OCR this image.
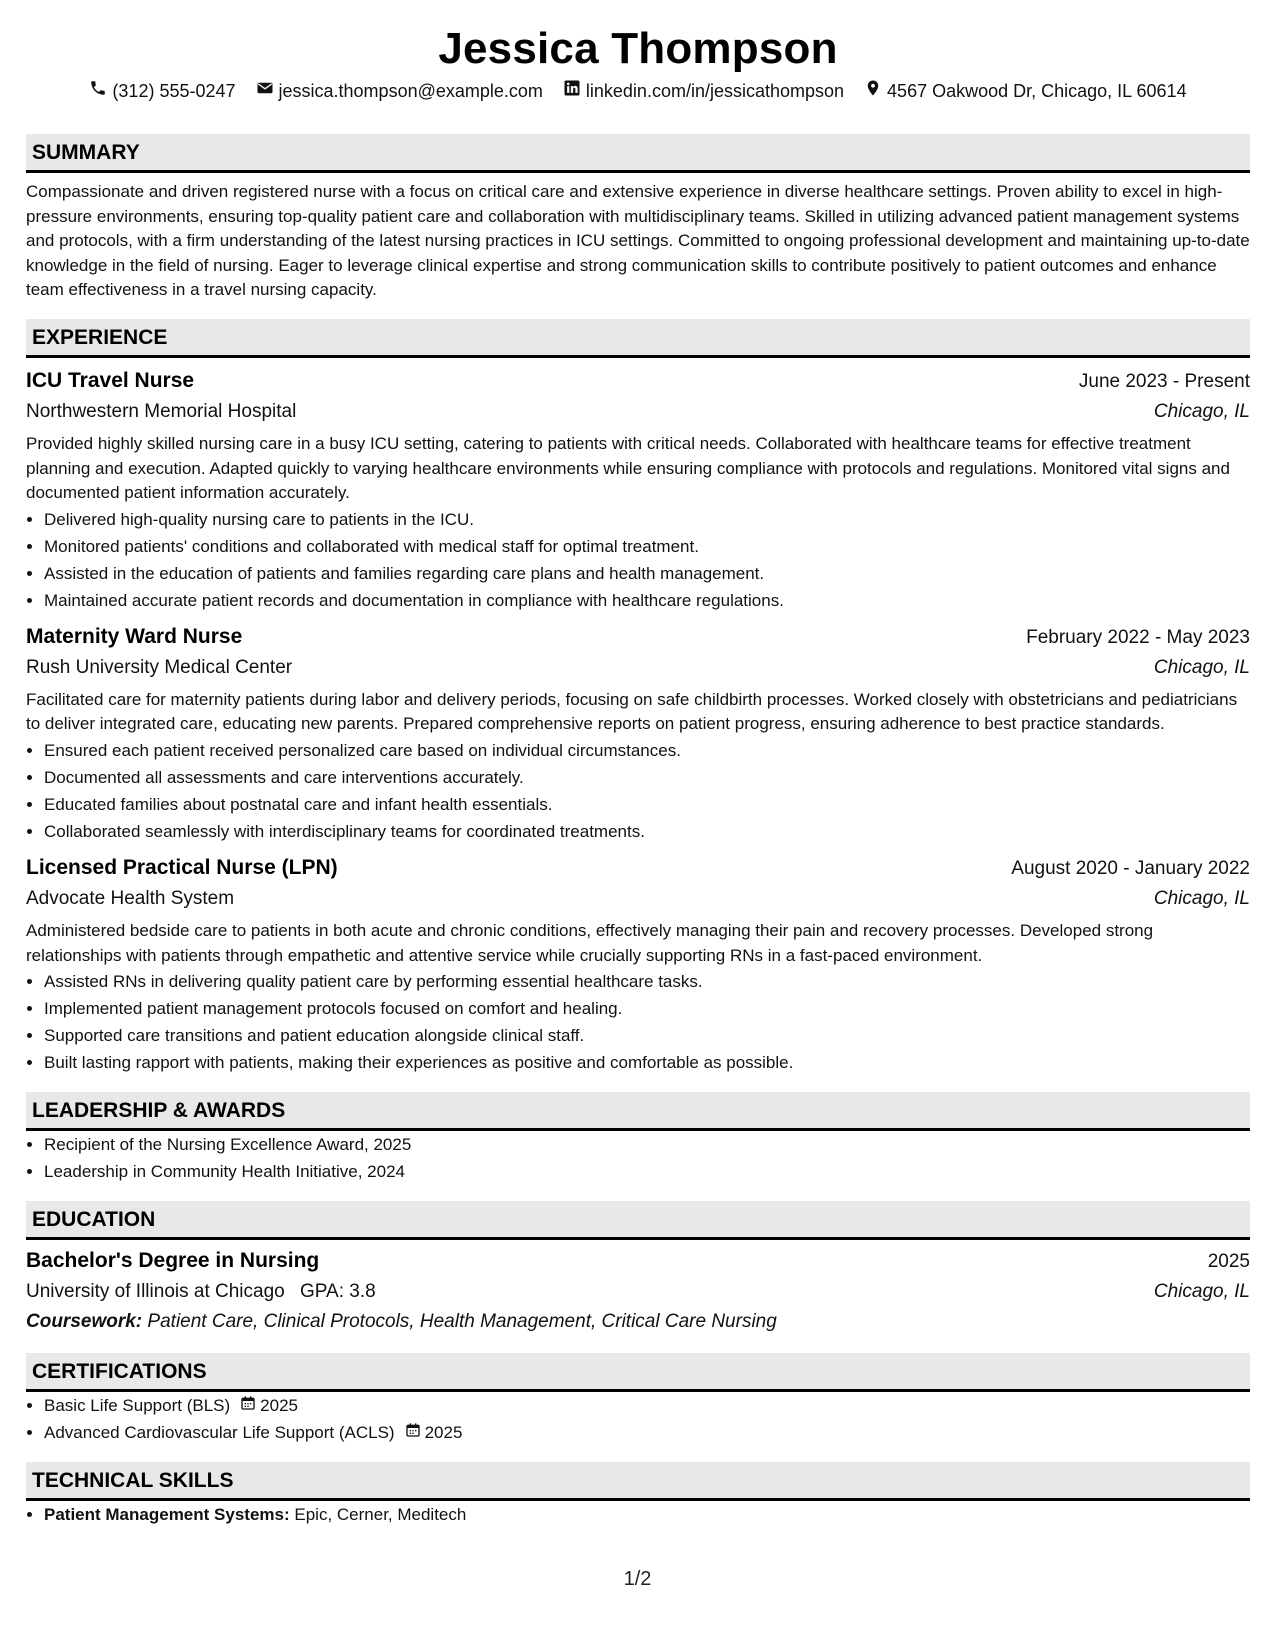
Jessica Thompson
(312) 555-0247 jessica.thompson@example.com linkedin.com/in/jessicathompson 4567 Oakwood Dr, Chicago, IL 60614
SUMMARY
Compassionate and driven registered nurse with a focus on critical care and extensive experience in diverse healthcare settings. Proven ability to excel in high-pressure environments, ensuring top-quality patient care and collaboration with multidisciplinary teams. Skilled in utilizing advanced patient management systems and protocols, with a firm understanding of the latest nursing practices in ICU settings. Committed to ongoing professional development and maintaining up-to-date knowledge in the field of nursing. Eager to leverage clinical expertise and strong communication skills to contribute positively to patient outcomes and enhance team effectiveness in a travel nursing capacity.
EXPERIENCE
ICU Travel Nurse	June 2023 - Present
Northwestern Memorial Hospital	Chicago, IL
Provided highly skilled nursing care in a busy ICU setting, catering to patients with critical needs. Collaborated with healthcare teams for effective treatment planning and execution. Adapted quickly to varying healthcare environments while ensuring compliance with protocols and regulations. Monitored vital signs and documented patient information accurately.
• Delivered high-quality nursing care to patients in the ICU.
• Monitored patients' conditions and collaborated with medical staff for optimal treatment.
• Assisted in the education of patients and families regarding care plans and health management.
• Maintained accurate patient records and documentation in compliance with healthcare regulations.
Maternity Ward Nurse	February 2022 - May 2023
Rush University Medical Center	Chicago, IL
Facilitated care for maternity patients during labor and delivery periods, focusing on safe childbirth processes. Worked closely with obstetricians and pediatricians to deliver integrated care, educating new parents. Prepared comprehensive reports on patient progress, ensuring adherence to best practice standards.
• Ensured each patient received personalized care based on individual circumstances.
• Documented all assessments and care interventions accurately.
• Educated families about postnatal care and infant health essentials.
• Collaborated seamlessly with interdisciplinary teams for coordinated treatments.
Licensed Practical Nurse (LPN)	August 2020 - January 2022
Advocate Health System	Chicago, IL
Administered bedside care to patients in both acute and chronic conditions, effectively managing their pain and recovery processes. Developed strong relationships with patients through empathetic and attentive service while crucially supporting RNs in a fast-paced environment.
• Assisted RNs in delivering quality patient care by performing essential healthcare tasks.
• Implemented patient management protocols focused on comfort and healing.
• Supported care transitions and patient education alongside clinical staff.
• Built lasting rapport with patients, making their experiences as positive and comfortable as possible.
LEADERSHIP & AWARDS
• Recipient of the Nursing Excellence Award, 2025
• Leadership in Community Health Initiative, 2024
EDUCATION
Bachelor's Degree in Nursing	2025
University of Illinois at Chicago GPA: 3.8	Chicago, IL
Coursework: Patient Care, Clinical Protocols, Health Management, Critical Care Nursing
CERTIFICATIONS
• Basic Life Support (BLS) 2025
• Advanced Cardiovascular Life Support (ACLS) 2025
TECHNICAL SKILLS
• Patient Management Systems: Epic, Cerner, Meditech
1/2
